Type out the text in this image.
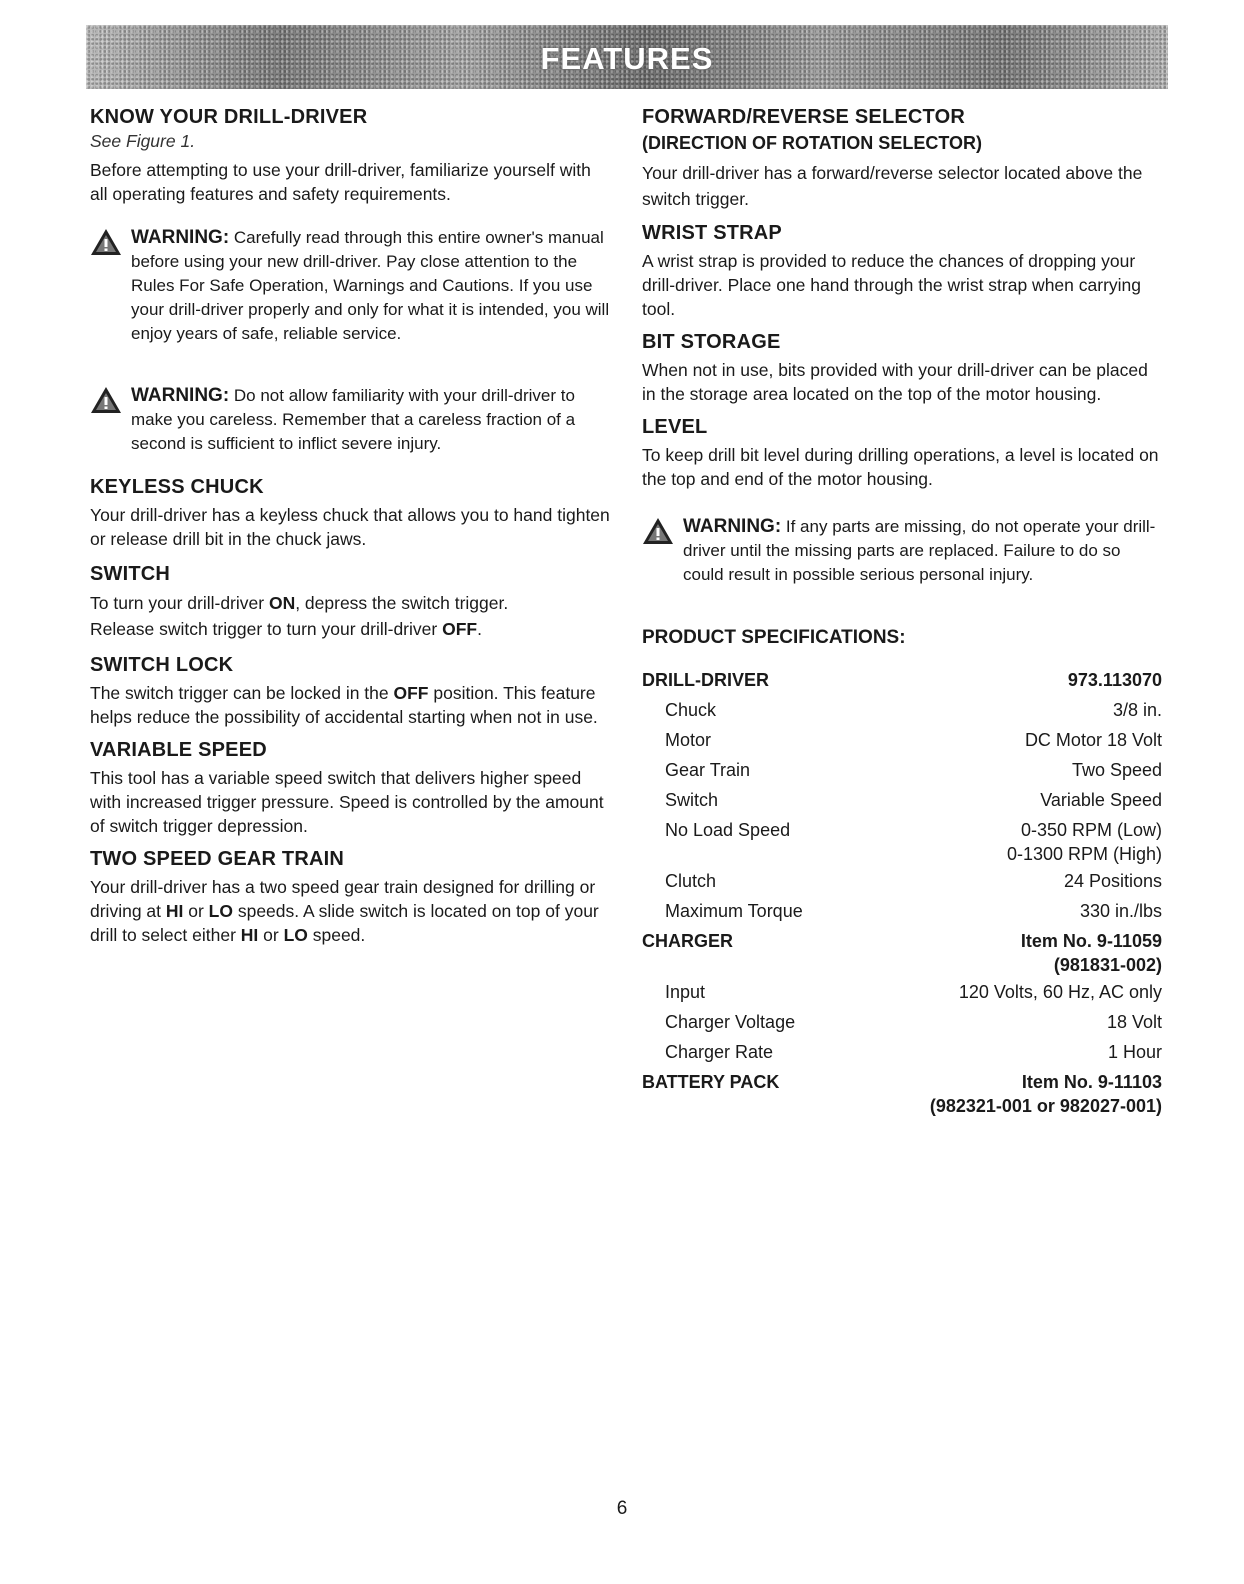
FEATURES
KNOW YOUR DRILL-DRIVER
See Figure 1.

Before attempting to use your drill-driver, familiarize yourself with all operating features and safety requirements.

WARNING: Carefully read through this entire owner's manual before using your new drill-driver. Pay close attention to the Rules For Safe Operation, Warnings and Cautions. If you use your drill-driver properly and only for what it is intended, you will enjoy years of safe, reliable service.
WARNING: Do not allow familiarity with your drill-driver to make you careless. Remember that a careless fraction of a second is sufficient to inflict severe injury.
KEYLESS CHUCK

Your drill-driver has a keyless chuck that allows you to hand tighten or release drill bit in the chuck jaws.

SWITCH

To turn your drill-driver ON, depress the switch trigger.
Release switch trigger to turn your drill-driver OFF.

SWITCH LOCK

The switch trigger can be locked in the OFF position. This feature helps reduce the possibility of accidental starting when not in use.

VARIABLE SPEED

This tool has a variable speed switch that delivers higher speed with increased trigger pressure. Speed is controlled by the amount of switch trigger depression.

TWO SPEED GEAR TRAIN

Your drill-driver has a two speed gear train designed for drilling or driving at HI or LO speeds. A slide switch is located on top of your drill to select either HI or LO speed.

FORWARD/REVERSE SELECTOR
(DIRECTION OF ROTATION SELECTOR)

Your drill-driver has a forward/reverse selector located above the switch trigger.

WRIST STRAP

A wrist strap is provided to reduce the chances of dropping your drill-driver. Place one hand through the wrist strap when carrying tool.

BIT STORAGE

When not in use, bits provided with your drill-driver can be placed in the storage area located on the top of the motor housing.

LEVEL

To keep drill bit level during drilling operations, a level is located on the top and end of the motor housing.

WARNING: If any parts are missing, do not operate your drill-driver until the missing parts are replaced. Failure to do so could result in possible serious personal injury.
PRODUCT SPECIFICATIONS:
DRILL-DRIVER	973.113070
Chuck	3/8 in.
Motor	DC Motor 18 Volt
Gear Train	Two Speed
Switch	Variable Speed
No Load Speed	0-350 RPM (Low)
0-1300 RPM (High)
Clutch	24 Positions
Maximum Torque	330 in./lbs
CHARGER	Item No. 9-11059
(981831-002)
Input	120 Volts, 60 Hz, AC only
Charger Voltage	18 Volt
Charger Rate	1 Hour
BATTERY PACK	Item No. 9-11103
(982321-001 or 982027-001)
6
